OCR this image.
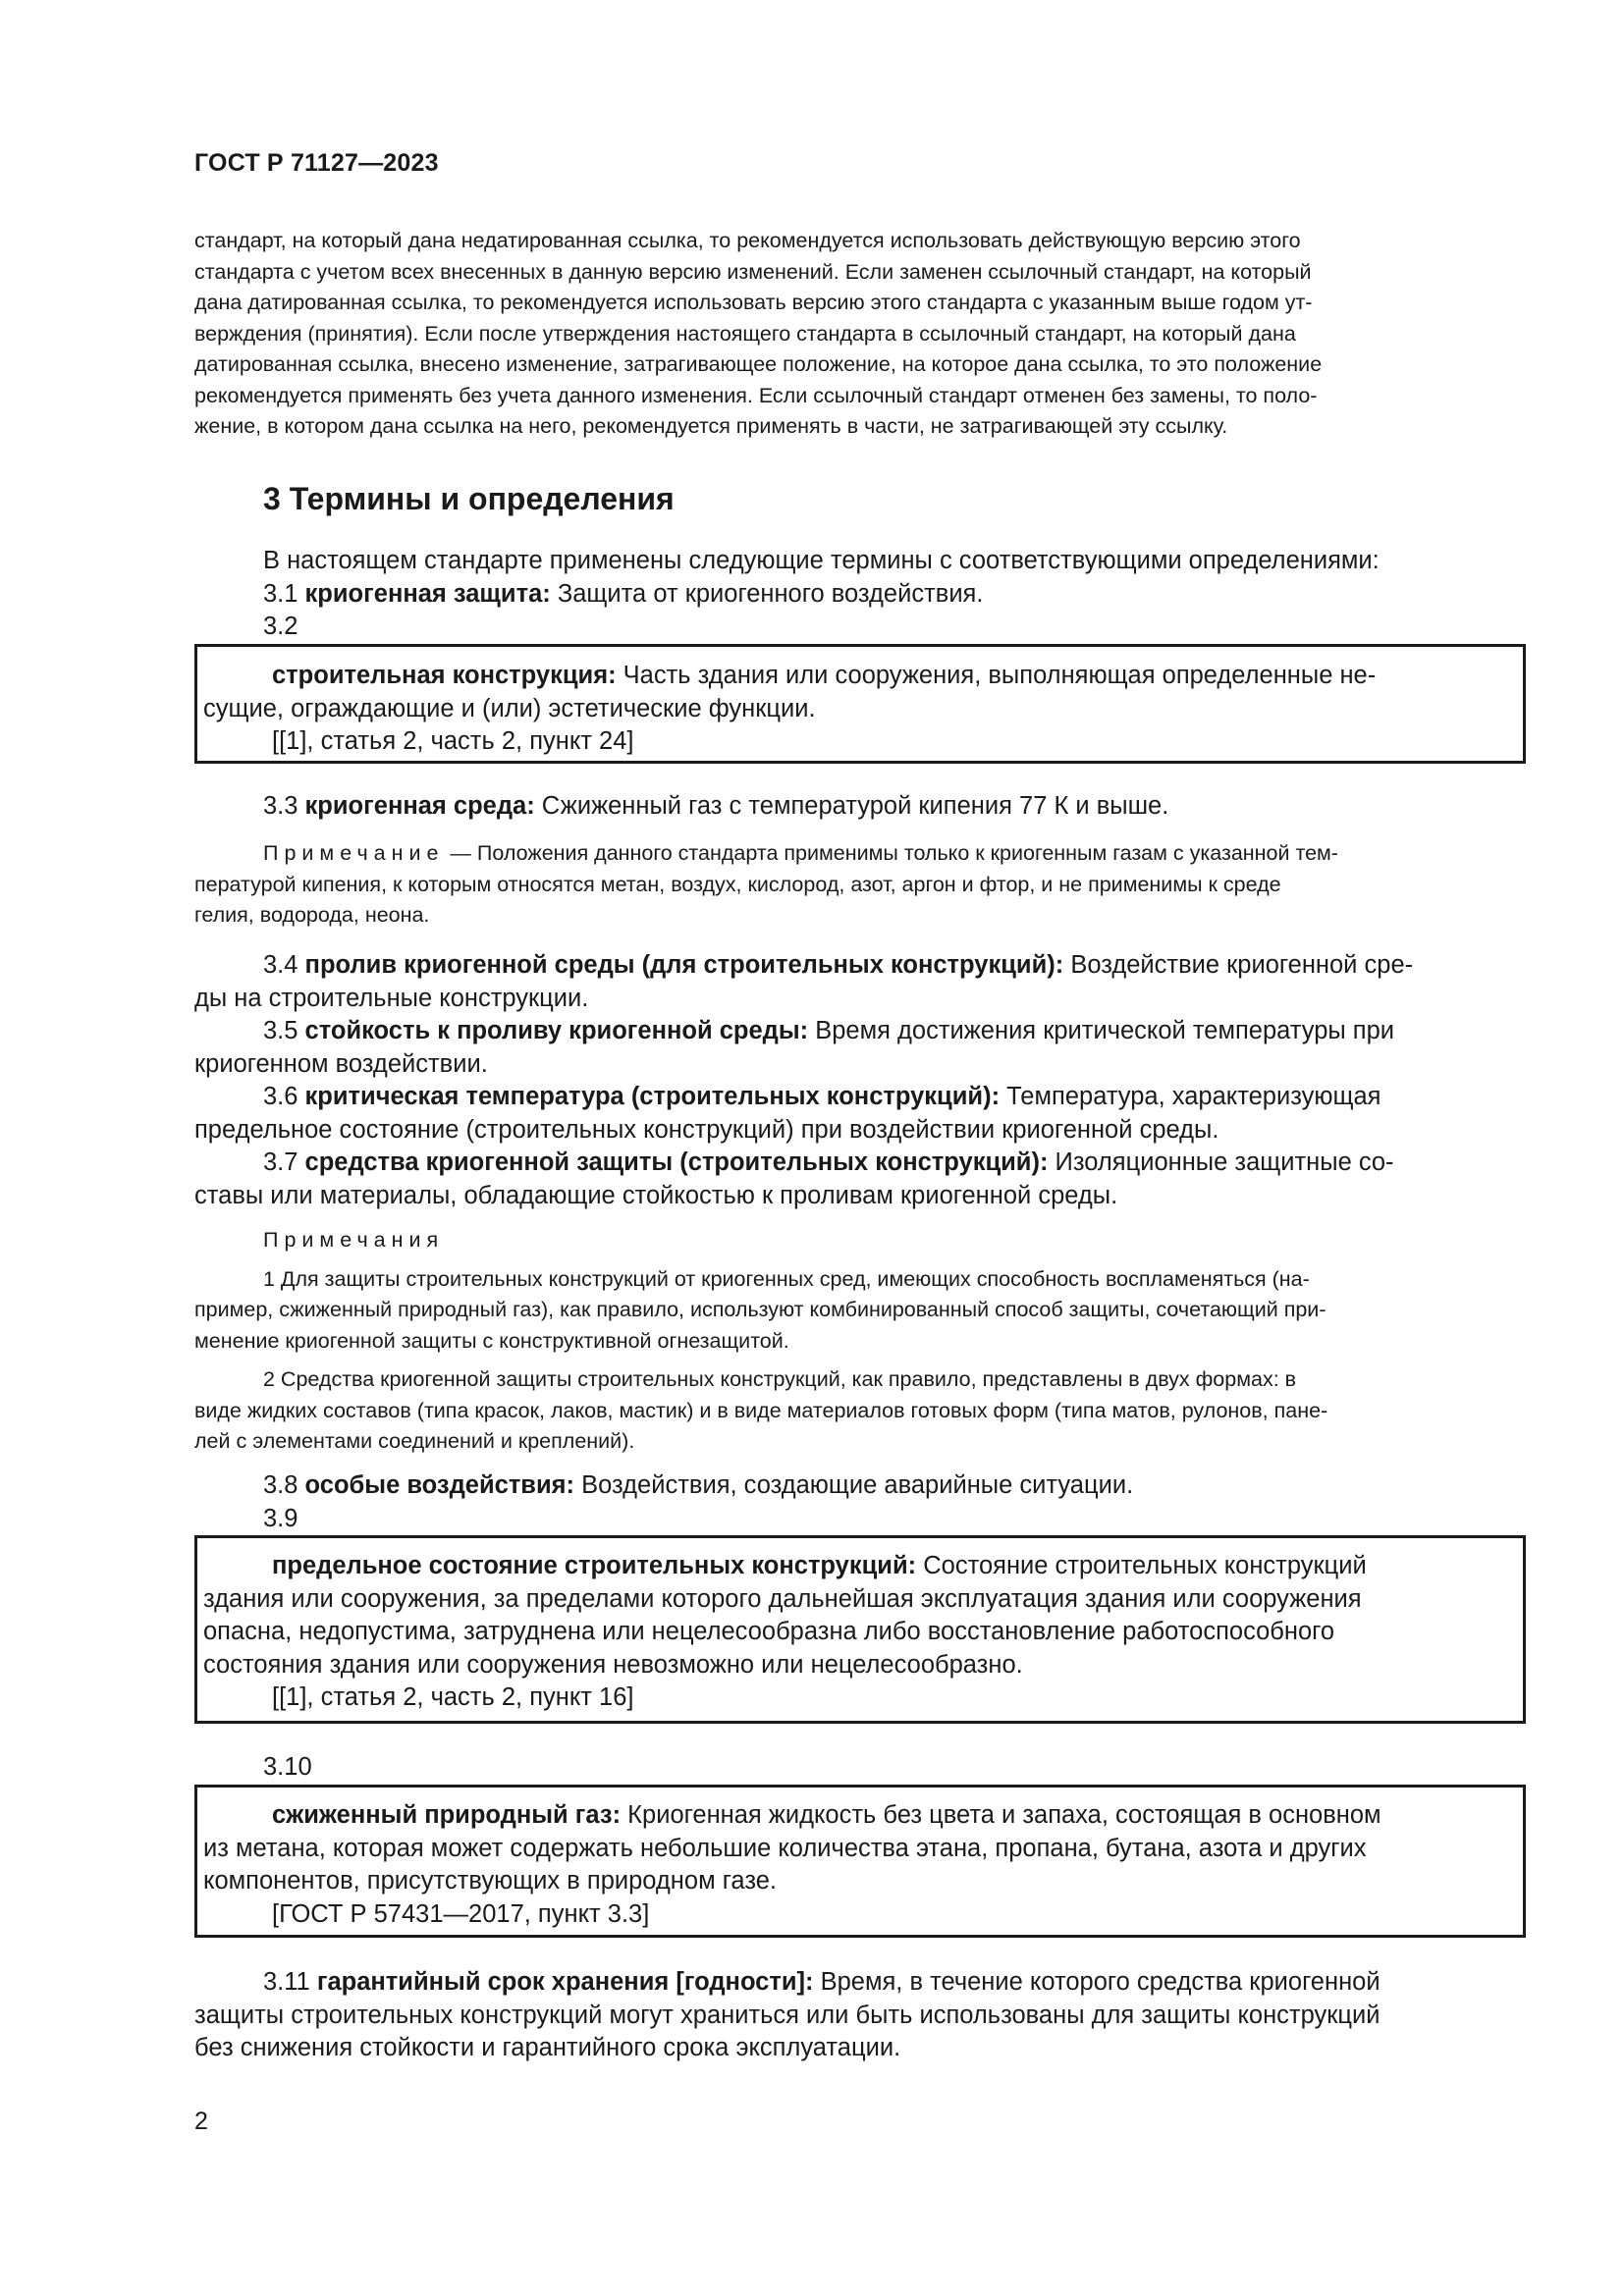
ГОСТ Р 71127—2023
стандарт, на который дана недатированная ссылка, то рекомендуется использовать действующую версию этого
стандарта с учетом всех внесенных в данную версию изменений. Если заменен ссылочный стандарт, на который
дана датированная ссылка, то рекомендуется использовать версию этого стандарта с указанным выше годом ут-
верждения (принятия). Если после утверждения настоящего стандарта в ссылочный стандарт, на который дана
датированная ссылка, внесено изменение, затрагивающее положение, на которое дана ссылка, то это положение
рекомендуется применять без учета данного изменения. Если ссылочный стандарт отменен без замены, то поло-
жение, в котором дана ссылка на него, рекомендуется применять в части, не затрагивающей эту ссылку.
3 Термины и определения
В настоящем стандарте применены следующие термины с соответствующими определениями:
3.1 криогенная защита: Защита от криогенного воздействия.
3.2
строительная конструкция: Часть здания или сооружения, выполняющая определенные не-
сущие, ограждающие и (или) эстетические функции.
[[1], статья 2, часть 2, пункт 24]
3.3 криогенная среда: Сжиженный газ с температурой кипения 77 К и выше.
Примечание — Положения данного стандарта применимы только к криогенным газам с указанной тем-
пературой кипения, к которым относятся метан, воздух, кислород, азот, аргон и фтор, и не применимы к среде
гелия, водорода, неона.
3.4 пролив криогенной среды (для строительных конструкций): Воздействие криогенной сре-
ды на строительные конструкции.
3.5 стойкость к проливу криогенной среды: Время достижения критической температуры при
криогенном воздействии.
3.6 критическая температура (строительных конструкций): Температура, характеризующая
предельное состояние (строительных конструкций) при воздействии криогенной среды.
3.7 средства криогенной защиты (строительных конструкций): Изоляционные защитные со-
ставы или материалы, обладающие стойкостью к проливам криогенной среды.
Примечания
1 Для защиты строительных конструкций от криогенных сред, имеющих способность воспламеняться (на-
пример, сжиженный природный газ), как правило, используют комбинированный способ защиты, сочетающий при-
менение криогенной защиты с конструктивной огнезащитой.
2 Средства криогенной защиты строительных конструкций, как правило, представлены в двух формах: в
виде жидких составов (типа красок, лаков, мастик) и в виде материалов готовых форм (типа матов, рулонов, пане-
лей с элементами соединений и креплений).
3.8 особые воздействия: Воздействия, создающие аварийные ситуации.
3.9
предельное состояние строительных конструкций: Состояние строительных конструкций
здания или сооружения, за пределами которого дальнейшая эксплуатация здания или сооружения
опасна, недопустима, затруднена или нецелесообразна либо восстановление работоспособного
состояния здания или сооружения невозможно или нецелесообразно.
[[1], статья 2, часть 2, пункт 16]
3.10
сжиженный природный газ: Криогенная жидкость без цвета и запаха, состоящая в основном
из метана, которая может содержать небольшие количества этана, пропана, бутана, азота и других
компонентов, присутствующих в природном газе.
[ГОСТ Р 57431—2017, пункт 3.3]
3.11 гарантийный срок хранения [годности]: Время, в течение которого средства криогенной
защиты строительных конструкций могут храниться или быть использованы для защиты конструкций
без снижения стойкости и гарантийного срока эксплуатации.
2
